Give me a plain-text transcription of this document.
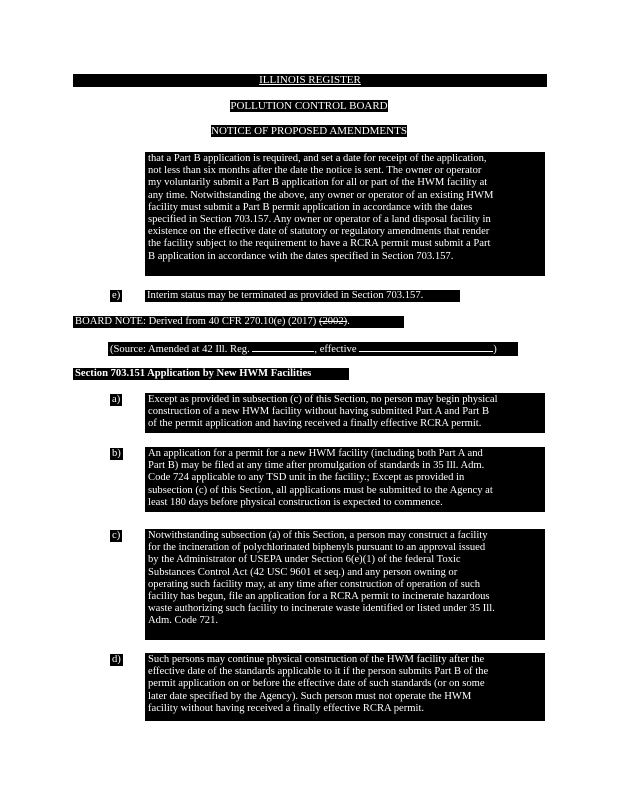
ILLINOIS REGISTER
POLLUTION CONTROL BOARD
NOTICE OF PROPOSED AMENDMENTS
that a Part B application is required, and set a date for receipt of the application,
not less than six months after the date the notice is sent. The owner or operator
my voluntarily submit a Part B application for all or part of the HWM facility at
any time. Notwithstanding the above, any owner or operator of an existing HWM
facility must submit a Part B permit application in accordance with the dates
specified in Section 703.157. Any owner or operator of a land disposal facility in
existence on the effective date of statutory or regulatory amendments that render
the facility subject to the requirement to have a RCRA permit must submit a Part
B application in accordance with the dates specified in Section 703.157.
e)	Interim status may be terminated as provided in Section 703.157.
BOARD NOTE: Derived from 40 CFR 270.10(e) (2017) (2002).
(Source: Amended at 42 Ill. Reg.	, effective	)
Section 703.151 Application by New HWM Facilities
a)	Except as provided in subsection (c) of this Section, no person may begin physical
construction of a new HWM facility without having submitted Part A and Part B
of the permit application and having received a finally effective RCRA permit.
b)	An application for a permit for a new HWM facility (including both Part A and
Part B) may be filed at any time after promulgation of standards in 35 Ill. Adm.
Code 724 applicable to any TSD unit in the facility.; Except as provided in
subsection (c) of this Section, all applications must be submitted to the Agency at
least 180 days before physical construction is expected to commence.
c)	Notwithstanding subsection (a) of this Section, a person may construct a facility
for the incineration of polychlorinated biphenyls pursuant to an approval issued
by the Administrator of USEPA under Section 6(e)(1) of the federal Toxic
Substances Control Act (42 USC 9601 et seq.) and any person owning or
operating such facility may, at any time after construction of operation of such
facility has begun, file an application for a RCRA permit to incinerate hazardous
waste authorizing such facility to incinerate waste identified or listed under 35 Ill.
Adm. Code 721.
d)	Such persons may continue physical construction of the HWM facility after the
effective date of the standards applicable to it if the person submits Part B of the
permit application on or before the effective date of such standards (or on some
later date specified by the Agency). Such person must not operate the HWM
facility without having received a finally effective RCRA permit.
